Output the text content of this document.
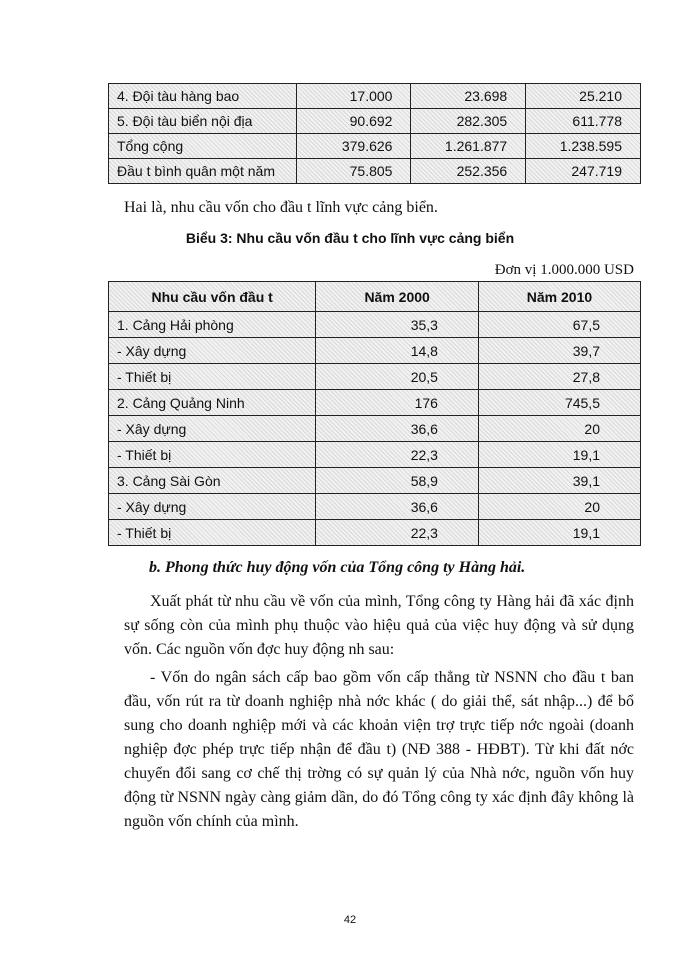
4. Đội tàu hàng bao	17.000	23.698	25.210
5. Đội tàu biển nội địa	90.692	282.305	611.778
Tổng cộng	379.626	1.261.877	1.238.595
Đầu t bình quân một năm	75.805	252.356	247.719

Hai là, nhu cầu vốn cho đầu t lĩnh vực cảng biển.

Biểu 3: Nhu cầu vốn đầu t cho lĩnh vực cảng biển

Đơn vị 1.000.000 USD

Nhu cầu vốn đầu t	Năm 2000	Năm 2010
1. Cảng Hải phòng	35,3	67,5
- Xây dựng	14,8	39,7
- Thiết bị	20,5	27,8
2. Cảng Quảng Ninh	176	745,5
- Xây dựng	36,6	20
- Thiết bị	22,3	19,1
3. Cảng Sài Gòn	58,9	39,1
- Xây dựng	36,6	20
- Thiết bị	22,3	19,1

b. Phong thức huy động vốn của Tổng công ty Hàng hải.

Xuất phát từ nhu cầu về vốn của mình, Tổng công ty Hàng hải đã xác định sự sống còn của mình phụ thuộc vào hiệu quả của việc huy động và sử dụng vốn. Các nguồn vốn đợc huy động nh sau:

- Vốn do ngân sách cấp bao gồm vốn cấp thẳng từ NSNN cho đầu t ban đầu, vốn rút ra từ doanh nghiệp nhà nớc khác ( do giải thể, sát nhập...) để bổ sung cho doanh nghiệp mới và các khoản viện trợ trực tiếp nớc ngoài (doanh nghiệp đợc phép trực tiếp nhận để đầu t) (NĐ 388 - HĐBT). Từ khi đất nớc chuyển đổi sang cơ chế thị trờng có sự quản lý của Nhà nớc, nguồn vốn huy động từ NSNN ngày càng giảm dần, do đó Tổng công ty xác định đây không là nguồn vốn chính của mình.

42
